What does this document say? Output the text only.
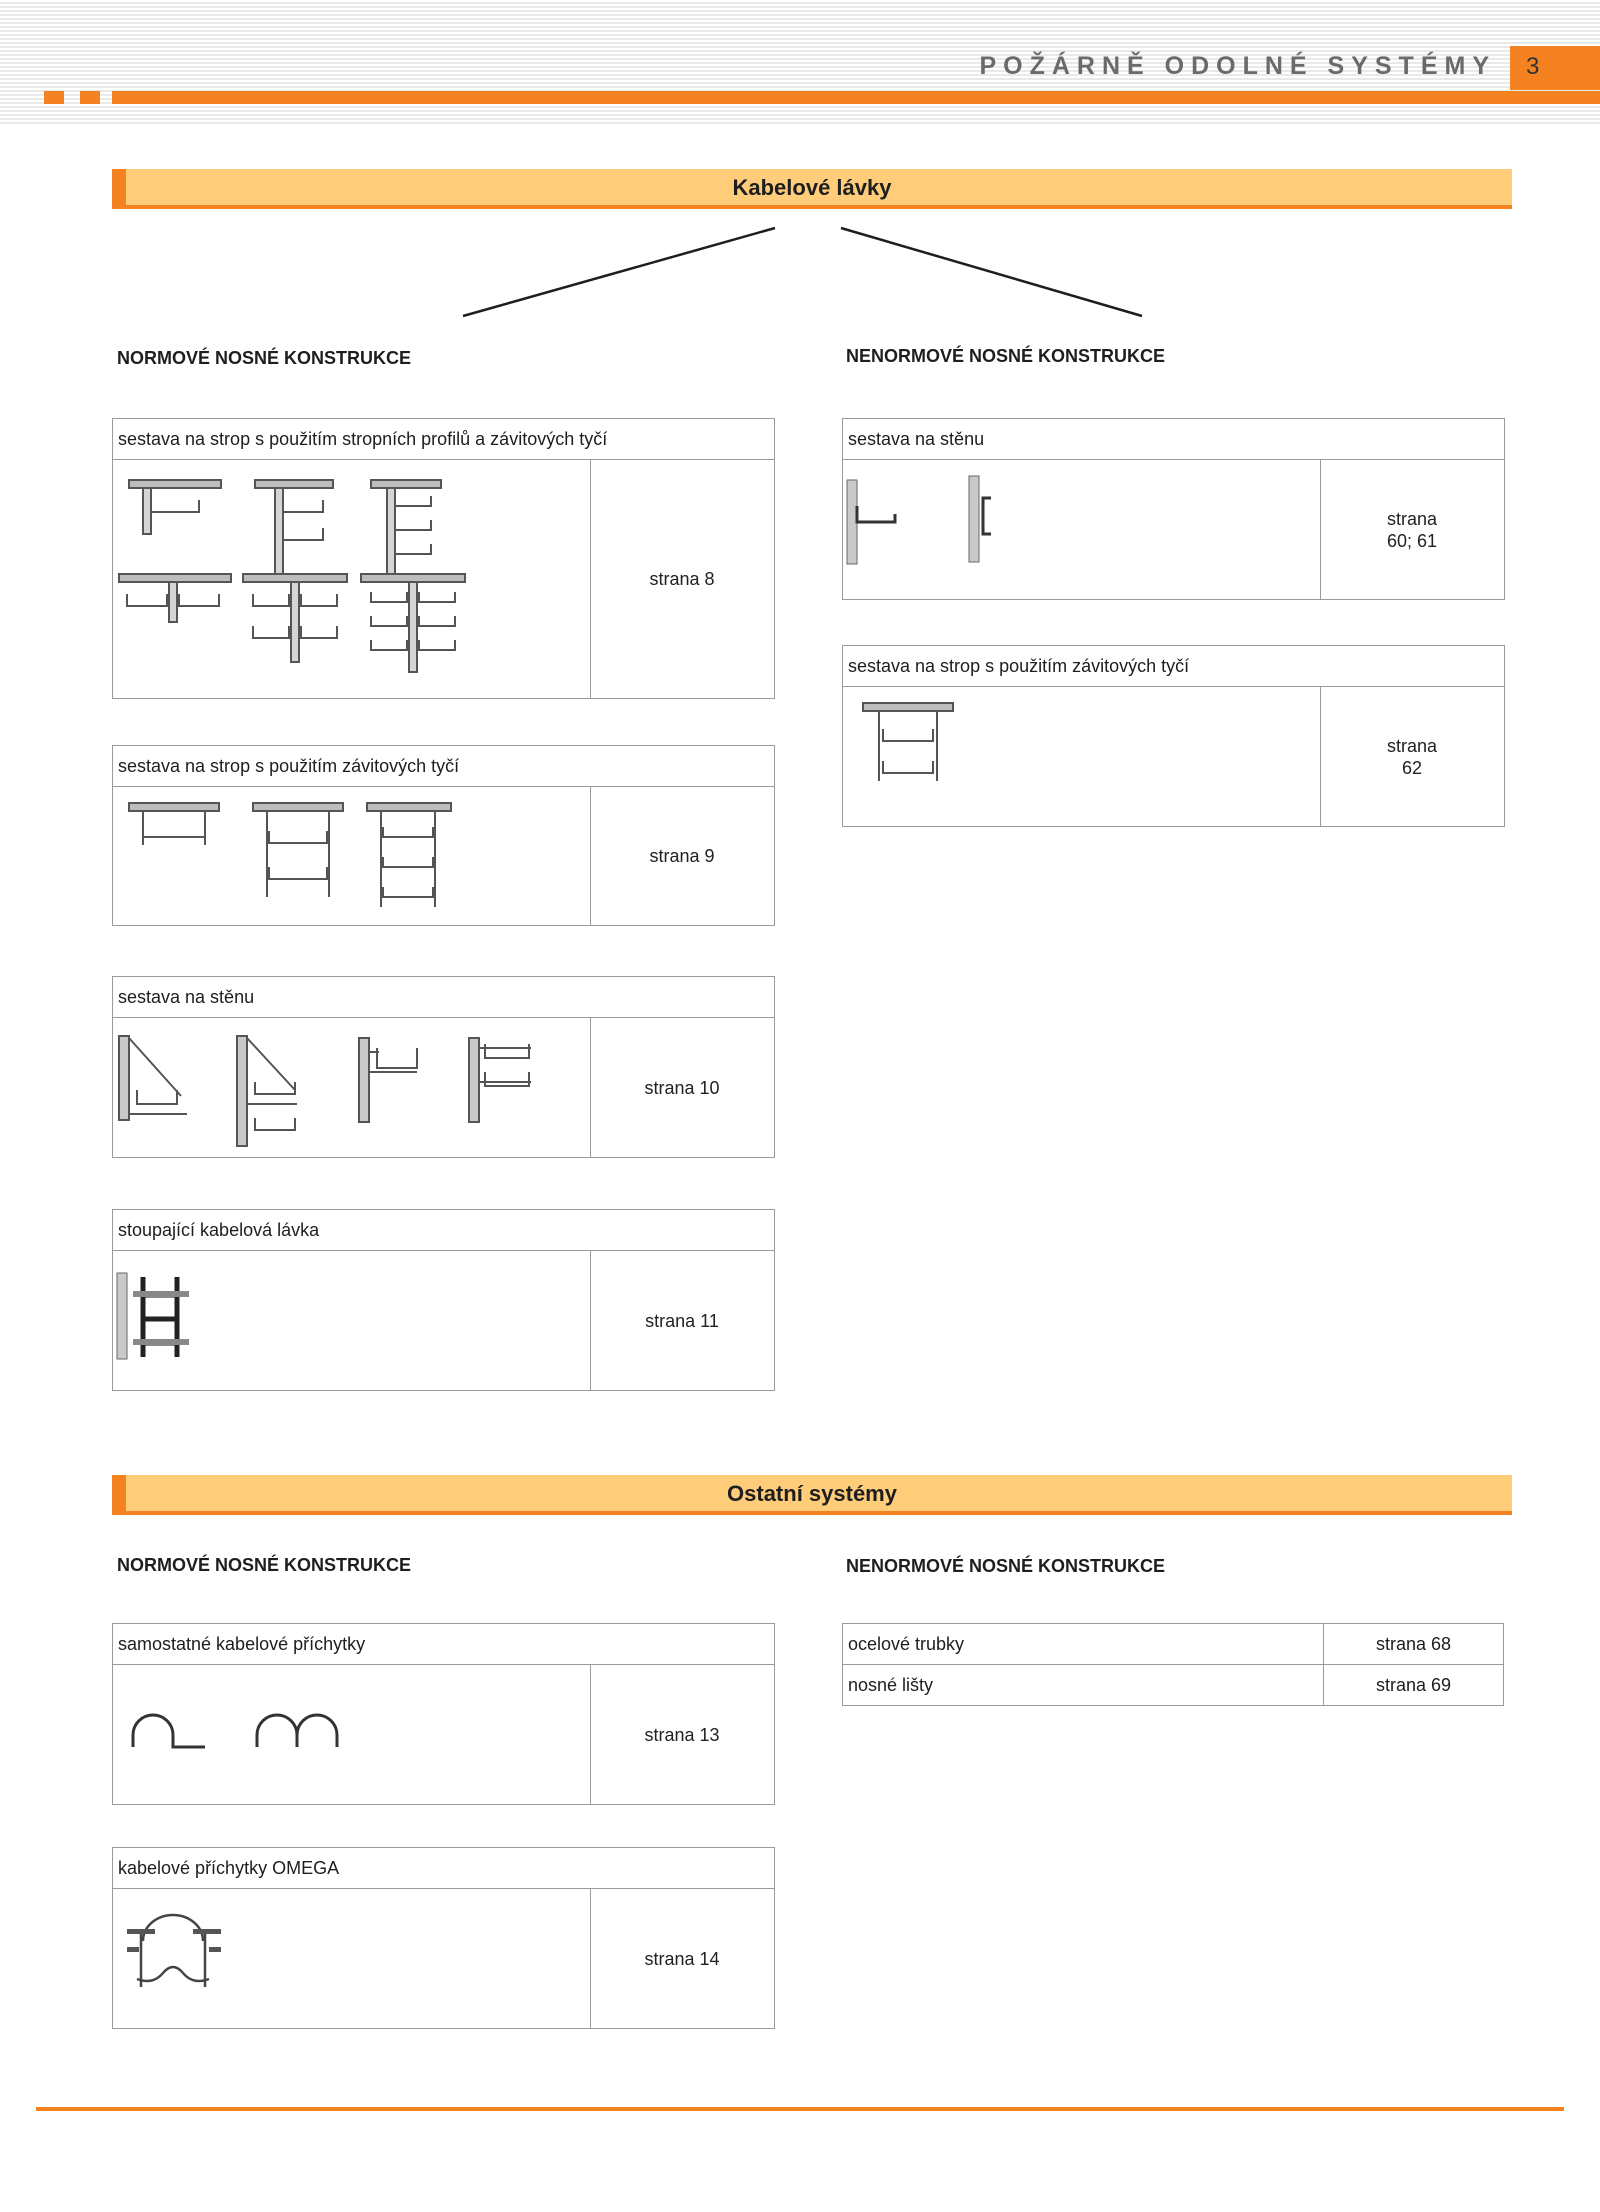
POŽÁRNĚ ODOLNÉ SYSTÉMY	3
Kabelové lávky
NORMOVÉ NOSNÉ KONSTRUKCE	NENORMOVÉ NOSNÉ KONSTRUKCE
sestava na strop s použitím stropních profilů a závitových tyčí
strana 8
sestava na strop s použitím závitových tyčí
strana 9
sestava na stěnu
strana 10
stoupající kabelová lávka
strana 11
sestava na stěnu
strana
60; 61
sestava na strop s použitím závitových tyčí
strana
62
Ostatní systémy
NORMOVÉ NOSNÉ KONSTRUKCE	NENORMOVÉ NOSNÉ KONSTRUKCE
samostatné kabelové příchytky
strana 13
kabelové příchytky OMEGA
strana 14
ocelové trubky	strana 68
nosné lišty	strana 69
